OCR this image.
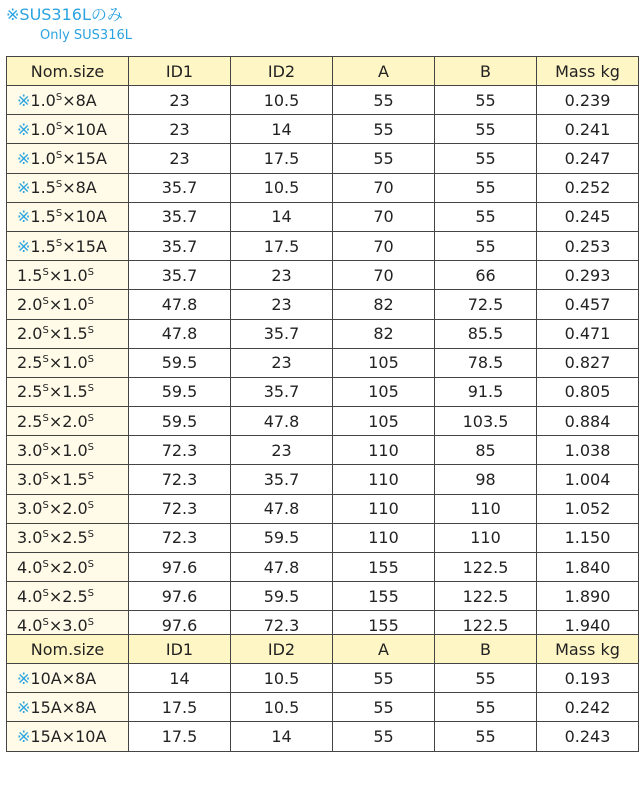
※SUS316Lのみ
Only SUS316L
Nom.size	ID1	ID2	A	B	Mass kg
$※1.0^S\times 8A$	23	10.5	55	55	0.239
$※1.0^S\times 10A$	23	14	55	55	0.241
$※1.0^S\times 15A$	23	17.5	55	55	0.247
$※1.5^S\times 8A$	35.7	10.5	70	55	0.252
$※1.5^S\times 10A$	35.7	14	70	55	0.245
$※1.5^S\times 15A$	35.7	17.5	70	55	0.253
$1.5^S\times 1.0^S$	35.7	23	70	66	0.293
$2.0^S\times 1.0^S$	47.8	23	82	72.5	0.457
$2.0^S\times 1.5^S$	47.8	35.7	82	85.5	0.471
$2.5^S\times 1.0^S$	59.5	23	105	78.5	0.827
$2.5^S\times 1.5^S$	59.5	35.7	105	91.5	0.805
$2.5^S\times 2.0^S$	59.5	47.8	105	103.5	0.884
$3.0^S\times 1.0^S$	72.3	23	110	85	1.038
$3.0^S\times 1.5^S$	72.3	35.7	110	98	1.004
$3.0^S\times 2.0^S$	72.3	47.8	110	110	1.052
$3.0^S\times 2.5^S$	72.3	59.5	110	110	1.150
$4.0^S\times 2.0^S$	97.6	47.8	155	122.5	1.840
$4.0^S\times 2.5^S$	97.6	59.5	155	122.5	1.890
$4.0^S\times 3.0^S$	97.6	72.3	155	122.5	1.940
Nom.size	ID1	ID2	A	B	Mass kg
※10A×8A	14	10.5	55	55	0.193
※15A×8A	17.5	10.5	55	55	0.242
※15A×10A	17.5	14	55	55	0.243
